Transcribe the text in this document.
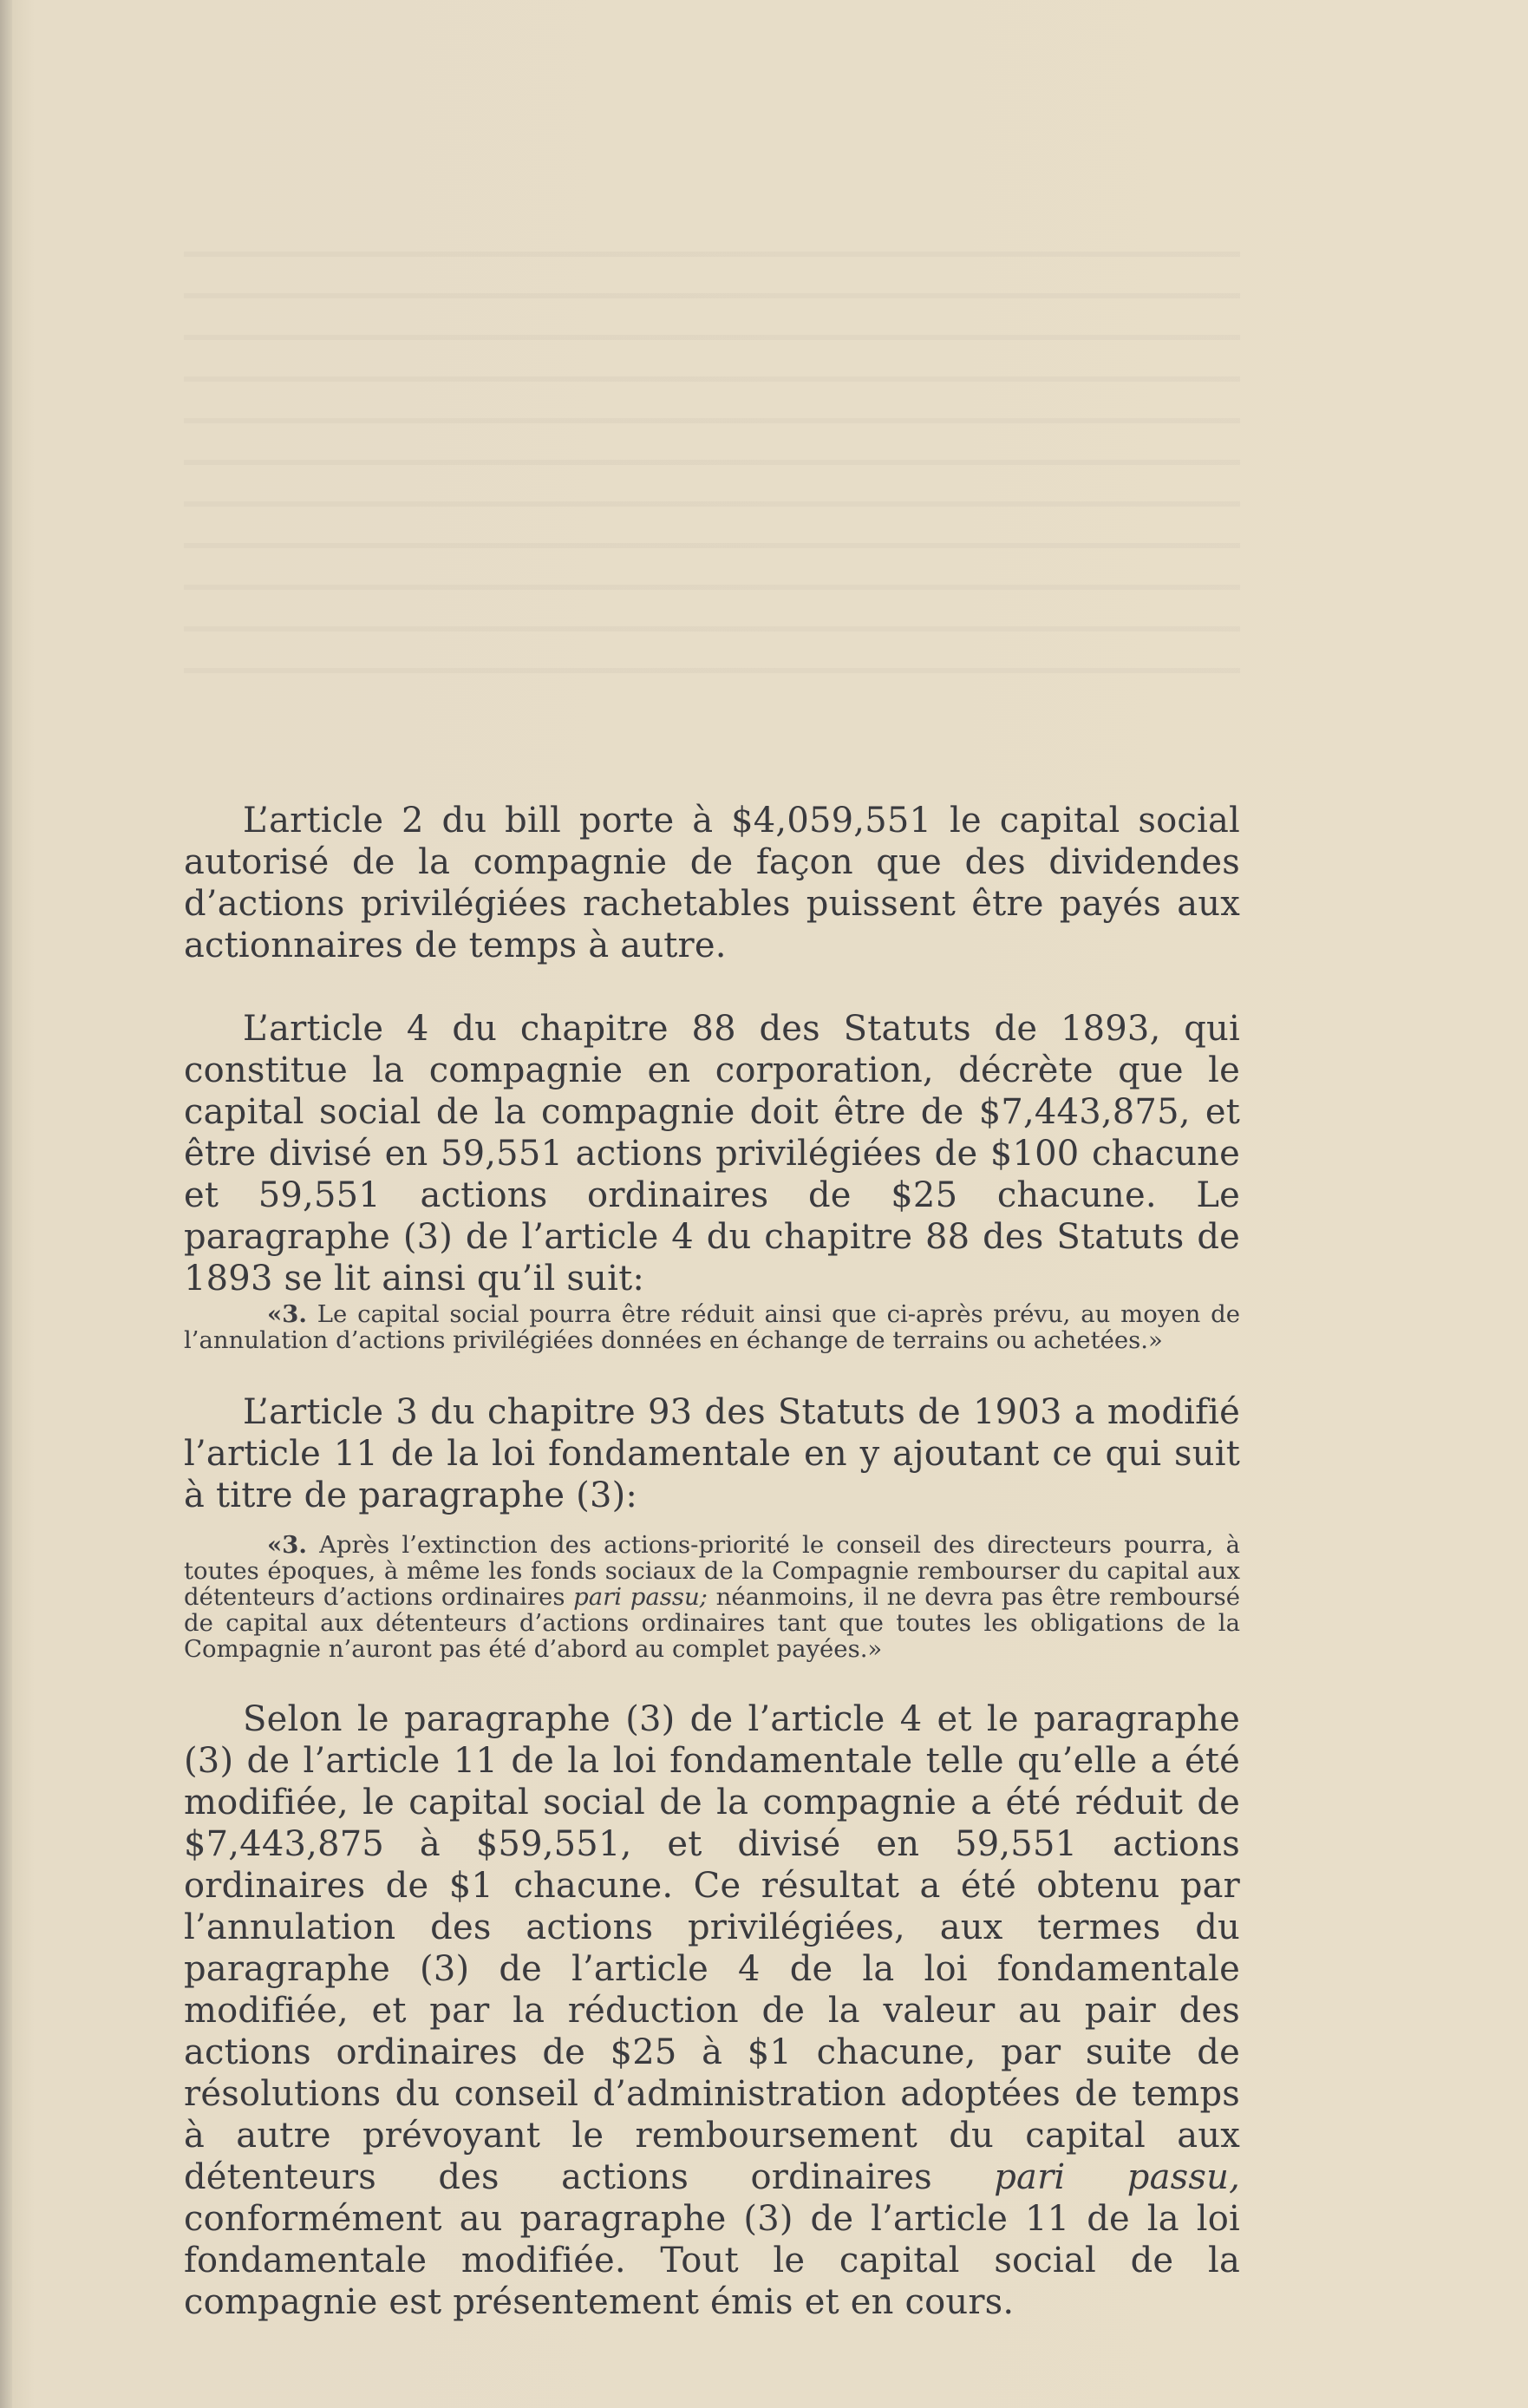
L’article 2 du bill porte à $4,059,551 le capital social autorisé de la compagnie de façon que des dividendes d’actions privilégiées rachetables puissent être payés aux actionnaires de temps à autre.

L’article 4 du chapitre 88 des Statuts de 1893, qui constitue la compagnie en corporation, décrète que le capital social de la compagnie doit être de $7,443,875, et être divisé en 59,551 actions privilégiées de $100 chacune et 59,551 actions ordinaires de $25 chacune. Le paragraphe (3) de l’article 4 du chapitre 88 des Statuts de 1893 se lit ainsi qu’il suit:

«3. Le capital social pourra être réduit ainsi que ci-après prévu, au moyen de l’annulation d’actions privilégiées données en échange de terrains ou achetées.»

L’article 3 du chapitre 93 des Statuts de 1903 a modifié l’article 11 de la loi fondamentale en y ajoutant ce qui suit à titre de paragraphe (3):

«3. Après l’extinction des actions-priorité le conseil des directeurs pourra, à toutes époques, à même les fonds sociaux de la Compagnie rembourser du capital aux détenteurs d’actions ordinaires pari passu; néanmoins, il ne devra pas être remboursé de capital aux détenteurs d’actions ordinaires tant que toutes les obligations de la Compagnie n’auront pas été d’abord au complet payées.»

Selon le paragraphe (3) de l’article 4 et le paragraphe (3) de l’article 11 de la loi fondamentale telle qu’elle a été modifiée, le capital social de la compagnie a été réduit de $7,443,875 à $59,551, et divisé en 59,551 actions ordinaires de $1 chacune. Ce résultat a été obtenu par l’annulation des actions privilégiées, aux termes du paragraphe (3) de l’article 4 de la loi fondamentale modifiée, et par la réduction de la valeur au pair des actions ordinaires de $25 à $1 chacune, par suite de résolutions du conseil d’administration adoptées de temps à autre prévoyant le remboursement du capital aux détenteurs des actions ordinaires pari passu, conformément au paragraphe (3) de l’article 11 de la loi fondamentale modifiée. Tout le capital social de la compagnie est présentement émis et en cours.
